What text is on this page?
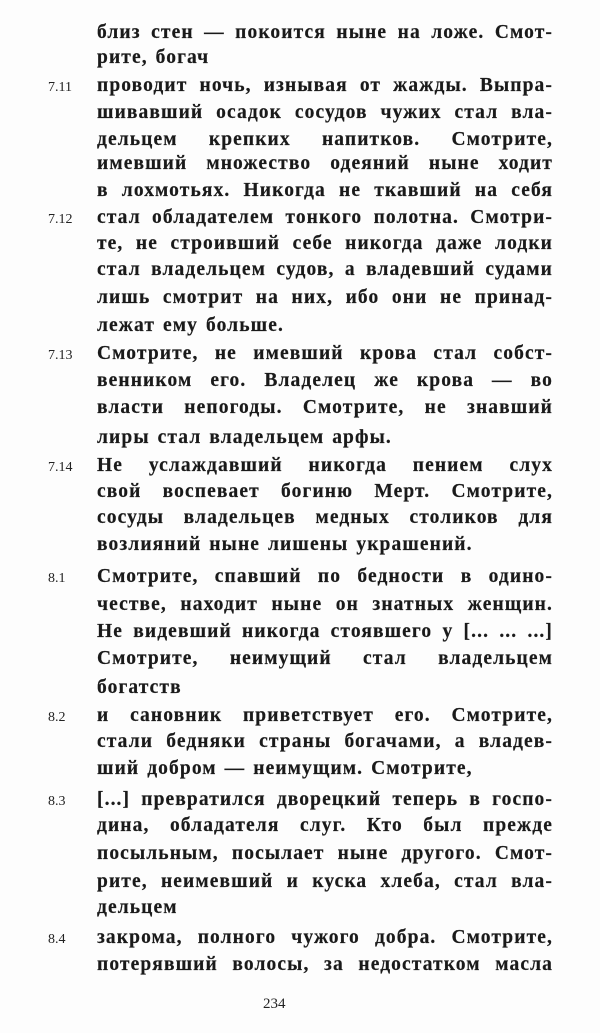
близ стен — покоится ныне на ложе. Смот-
рите, богач
проводит ночь, изнывая от жажды. Выпра-
7.11
шивавший осадок сосудов чужих стал вла-
дельцем крепких напитков. Смотрите,
имевший множество одеяний ныне ходит
в лохмотьях. Никогда не ткавший на себя
стал обладателем тонкого полотна. Смотри-
7.12
те, не строивший себе никогда даже лодки
стал владельцем судов, а владевший судами
лишь смотрит на них, ибо они не принад-
лежат ему больше.
Смотрите, не имевший крова стал собст-
7.13
венником его. Владелец же крова — во
власти непогоды. Смотрите, не знавший
лиры стал владельцем арфы.
Не услаждавший никогда пением слух
7.14
свой воспевает богиню Мерт. Смотрите,
сосуды владельцев медных столиков для
возлияний ныне лишены украшений.
Смотрите, спавший по бедности в одино-
8.1
честве, находит ныне он знатных женщин.
Не видевший никогда стоявшего у [... ... ...]
Смотрите, неимущий стал владельцем
богатств
и сановник приветствует его. Смотрите,
8.2
стали бедняки страны богачами, а владев-
ший добром — неимущим. Смотрите,
[...] превратился дворецкий теперь в госпо-
8.3
дина, обладателя слуг. Кто был прежде
посыльным, посылает ныне другого. Смот-
рите, неимевший и куска хлеба, стал вла-
дельцем
закрома, полного чужого добра. Смотрите,
8.4
потерявший волосы, за недостатком масла
234
